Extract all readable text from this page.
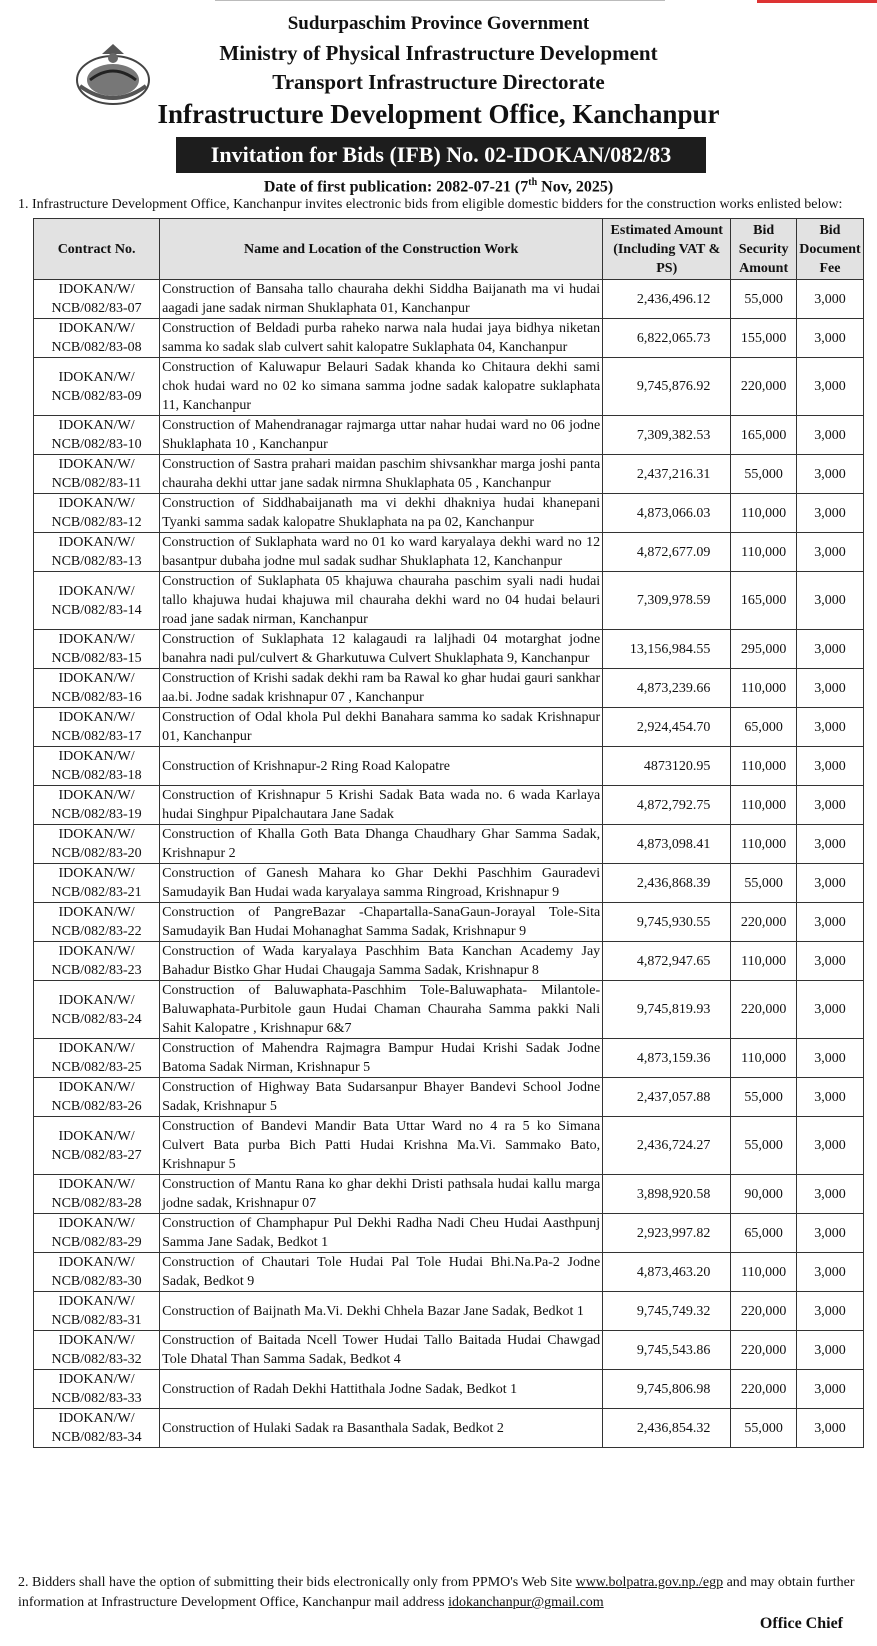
Sudurpaschim Province Government
Ministry of Physical Infrastructure Development
Transport Infrastructure Directorate
Infrastructure Development Office, Kanchanpur
Invitation for Bids (IFB) No. 02-IDOKAN/082/83
Date of first publication: 2082-07-21 (7th Nov, 2025)
1. Infrastructure Development Office, Kanchanpur invites electronic bids from eligible domestic bidders for the construction works enlisted below:
Contract No.	Name and Location of the Construction Work	Estimated Amount (Including VAT & PS)	Bid Security Amount	Bid Document Fee
IDOKAN/W/ NCB/082/83-07	Construction of Bansaha tallo chauraha dekhi Siddha Baijanath ma vi hudai aagadi jane sadak nirman Shuklaphata 01, Kanchanpur	2,436,496.12	55,000	3,000
IDOKAN/W/ NCB/082/83-08	Construction of Beldadi purba raheko narwa nala hudai jaya bidhya niketan samma ko sadak slab culvert sahit kalopatre Suklaphata 04, Kanchanpur	6,822,065.73	155,000	3,000
IDOKAN/W/ NCB/082/83-09	Construction of Kaluwapur Belauri Sadak khanda ko Chitaura dekhi sami chok hudai ward no 02 ko simana samma jodne sadak kalopatre suklaphata 11, Kanchanpur	9,745,876.92	220,000	3,000
IDOKAN/W/ NCB/082/83-10	Construction of Mahendranagar rajmarga uttar nahar hudai ward no 06 jodne Shuklaphata 10 , Kanchanpur	7,309,382.53	165,000	3,000
IDOKAN/W/ NCB/082/83-11	Construction of Sastra prahari maidan paschim shivsankhar marga joshi panta chauraha dekhi uttar jane sadak nirmna Shuklaphata 05 , Kanchanpur	2,437,216.31	55,000	3,000
IDOKAN/W/ NCB/082/83-12	Construction of Siddhabaijanath ma vi dekhi dhakniya hudai khanepani Tyanki samma sadak kalopatre Shuklaphata na pa 02, Kanchanpur	4,873,066.03	110,000	3,000
IDOKAN/W/ NCB/082/83-13	Construction of Suklaphata ward no 01 ko ward karyalaya dekhi ward no 12 basantpur dubaha jodne mul sadak sudhar Shuklaphata 12, Kanchanpur	4,872,677.09	110,000	3,000
IDOKAN/W/ NCB/082/83-14	Construction of Suklaphata 05 khajuwa chauraha paschim syali nadi hudai tallo khajuwa hudai khajuwa mil chauraha dekhi ward no 04 hudai belauri road jane sadak nirman, Kanchanpur	7,309,978.59	165,000	3,000
IDOKAN/W/ NCB/082/83-15	Construction of Suklaphata 12 kalagaudi ra laljhadi 04 motarghat jodne banahra nadi pul/culvert & Gharkutuwa Culvert Shuklaphata 9, Kanchanpur	13,156,984.55	295,000	3,000
IDOKAN/W/ NCB/082/83-16	Construction of Krishi sadak dekhi ram ba Rawal ko ghar hudai gauri sankhar aa.bi. Jodne sadak krishnapur 07 , Kanchanpur	4,873,239.66	110,000	3,000
IDOKAN/W/ NCB/082/83-17	Construction of Odal khola Pul dekhi Banahara samma ko sadak Krishnapur 01, Kanchanpur	2,924,454.70	65,000	3,000
IDOKAN/W/ NCB/082/83-18	Construction of Krishnapur-2 Ring Road Kalopatre	4873120.95	110,000	3,000
IDOKAN/W/ NCB/082/83-19	Construction of Krishnapur 5 Krishi Sadak Bata wada no. 6 wada Karlaya hudai Singhpur Pipalchautara Jane Sadak	4,872,792.75	110,000	3,000
IDOKAN/W/ NCB/082/83-20	Construction of Khalla Goth Bata Dhanga Chaudhary Ghar Samma Sadak, Krishnapur 2	4,873,098.41	110,000	3,000
IDOKAN/W/ NCB/082/83-21	Construction of Ganesh Mahara ko Ghar Dekhi Paschhim Gauradevi Samudayik Ban Hudai wada karyalaya samma Ringroad, Krishnapur 9	2,436,868.39	55,000	3,000
IDOKAN/W/ NCB/082/83-22	Construction of PangreBazar -Chapartalla-SanaGaun-Jorayal Tole-Sita Samudayik Ban Hudai Mohanaghat Samma Sadak, Krishnapur 9	9,745,930.55	220,000	3,000
IDOKAN/W/ NCB/082/83-23	Construction of Wada karyalaya Paschhim Bata Kanchan Academy Jay Bahadur Bistko Ghar Hudai Chaugaja Samma Sadak, Krishnapur 8	4,872,947.65	110,000	3,000
IDOKAN/W/ NCB/082/83-24	Construction of Baluwaphata-Paschhim Tole-Baluwaphata- Milantole-Baluwaphata-Purbitole gaun Hudai Chaman Chauraha Samma pakki Nali Sahit Kalopatre , Krishnapur 6&7	9,745,819.93	220,000	3,000
IDOKAN/W/ NCB/082/83-25	Construction of Mahendra Rajmagra Bampur Hudai Krishi Sadak Jodne Batoma Sadak Nirman, Krishnapur 5	4,873,159.36	110,000	3,000
IDOKAN/W/ NCB/082/83-26	Construction of Highway Bata Sudarsanpur Bhayer Bandevi School Jodne Sadak, Krishnapur 5	2,437,057.88	55,000	3,000
IDOKAN/W/ NCB/082/83-27	Construction of Bandevi Mandir Bata Uttar Ward no 4 ra 5 ko Simana Culvert Bata purba Bich Patti Hudai Krishna Ma.Vi. Sammako Bato, Krishnapur 5	2,436,724.27	55,000	3,000
IDOKAN/W/ NCB/082/83-28	Construction of Mantu Rana ko ghar dekhi Dristi pathsala hudai kallu marga jodne sadak, Krishnapur 07	3,898,920.58	90,000	3,000
IDOKAN/W/ NCB/082/83-29	Construction of Champhapur Pul Dekhi Radha Nadi Cheu Hudai Aasthpunj Samma Jane Sadak, Bedkot 1	2,923,997.82	65,000	3,000
IDOKAN/W/ NCB/082/83-30	Construction of Chautari Tole Hudai Pal Tole Hudai Bhi.Na.Pa-2 Jodne Sadak, Bedkot 9	4,873,463.20	110,000	3,000
IDOKAN/W/ NCB/082/83-31	Construction of Baijnath Ma.Vi. Dekhi Chhela Bazar Jane Sadak, Bedkot 1	9,745,749.32	220,000	3,000
IDOKAN/W/ NCB/082/83-32	Construction of Baitada Ncell Tower Hudai Tallo Baitada Hudai Chawgad Tole Dhatal Than Samma Sadak, Bedkot 4	9,745,543.86	220,000	3,000
IDOKAN/W/ NCB/082/83-33	Construction of Radah Dekhi Hattithala Jodne Sadak, Bedkot 1	9,745,806.98	220,000	3,000
IDOKAN/W/ NCB/082/83-34	Construction of Hulaki Sadak ra Basanthala Sadak, Bedkot 2	2,436,854.32	55,000	3,000
2. Bidders shall have the option of submitting their bids electronically only from PPMO's Web Site www.bolpatra.gov.np./egp and may obtain further information at Infrastructure Development Office, Kanchanpur mail address idokanchanpur@gmail.com
Office Chief
